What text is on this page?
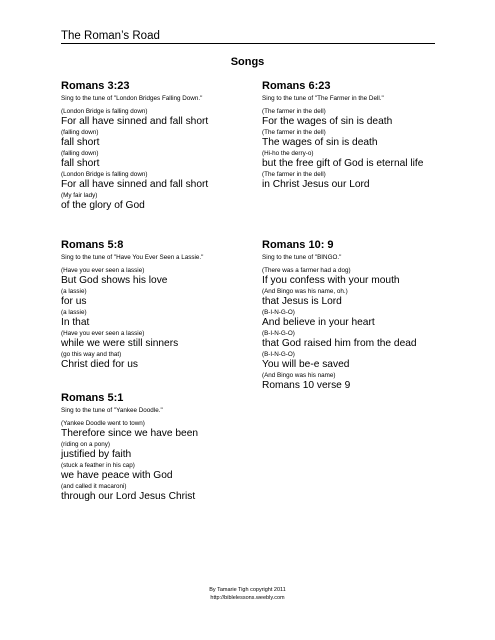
The Roman’s Road
Songs
Romans 3:23
Sing to the tune of "London Bridges Falling Down."
(London Bridge is falling down)
For all have sinned and fall short
(falling down)
fall short
(falling down)
fall short
(London Bridge is falling down)
For all have sinned and fall short
(My fair lady)
of the glory of God
Romans 5:8
Sing to the tune of "Have You Ever Seen a Lassie."
(Have you ever seen a lassie)
But God shows his love
(a lassie)
for us
(a lassie)
In that
(Have you ever seen a lassie)
while we were still sinners
(go this way and that)
Christ died for us
Romans 5:1
Sing to the tune of "Yankee Doodle."
(Yankee Doodle went to town)
Therefore since we have been
(riding on a pony)
justified by faith
(stuck a feather in his cap)
we have peace with God
(and called it macaroni)
through our Lord Jesus Christ
Romans 6:23
Sing to the tune of "The Farmer in the Dell."
(The farmer in the dell)
For the wages of sin is death
(The farmer in the dell)
The wages of sin is death
(Hi-ho the derry-o)
but the free gift of God is eternal life
(The farmer in the dell)
in Christ Jesus our Lord
Romans 10: 9
Sing to the tune of "BINGO."
(There was a farmer had a dog)
If you confess with your mouth
(And Bingo was his name, oh.)
that Jesus is Lord
(B-I-N-G-O)
And believe in your heart
(B-I-N-G-O)
that God raised him from the dead
(B-I-N-G-O)
You will be-e saved
(And Bingo was his name)
Romans 10 verse 9
By Tamarie Tigh copyright 2011
http://biblelessons.weebly.com
